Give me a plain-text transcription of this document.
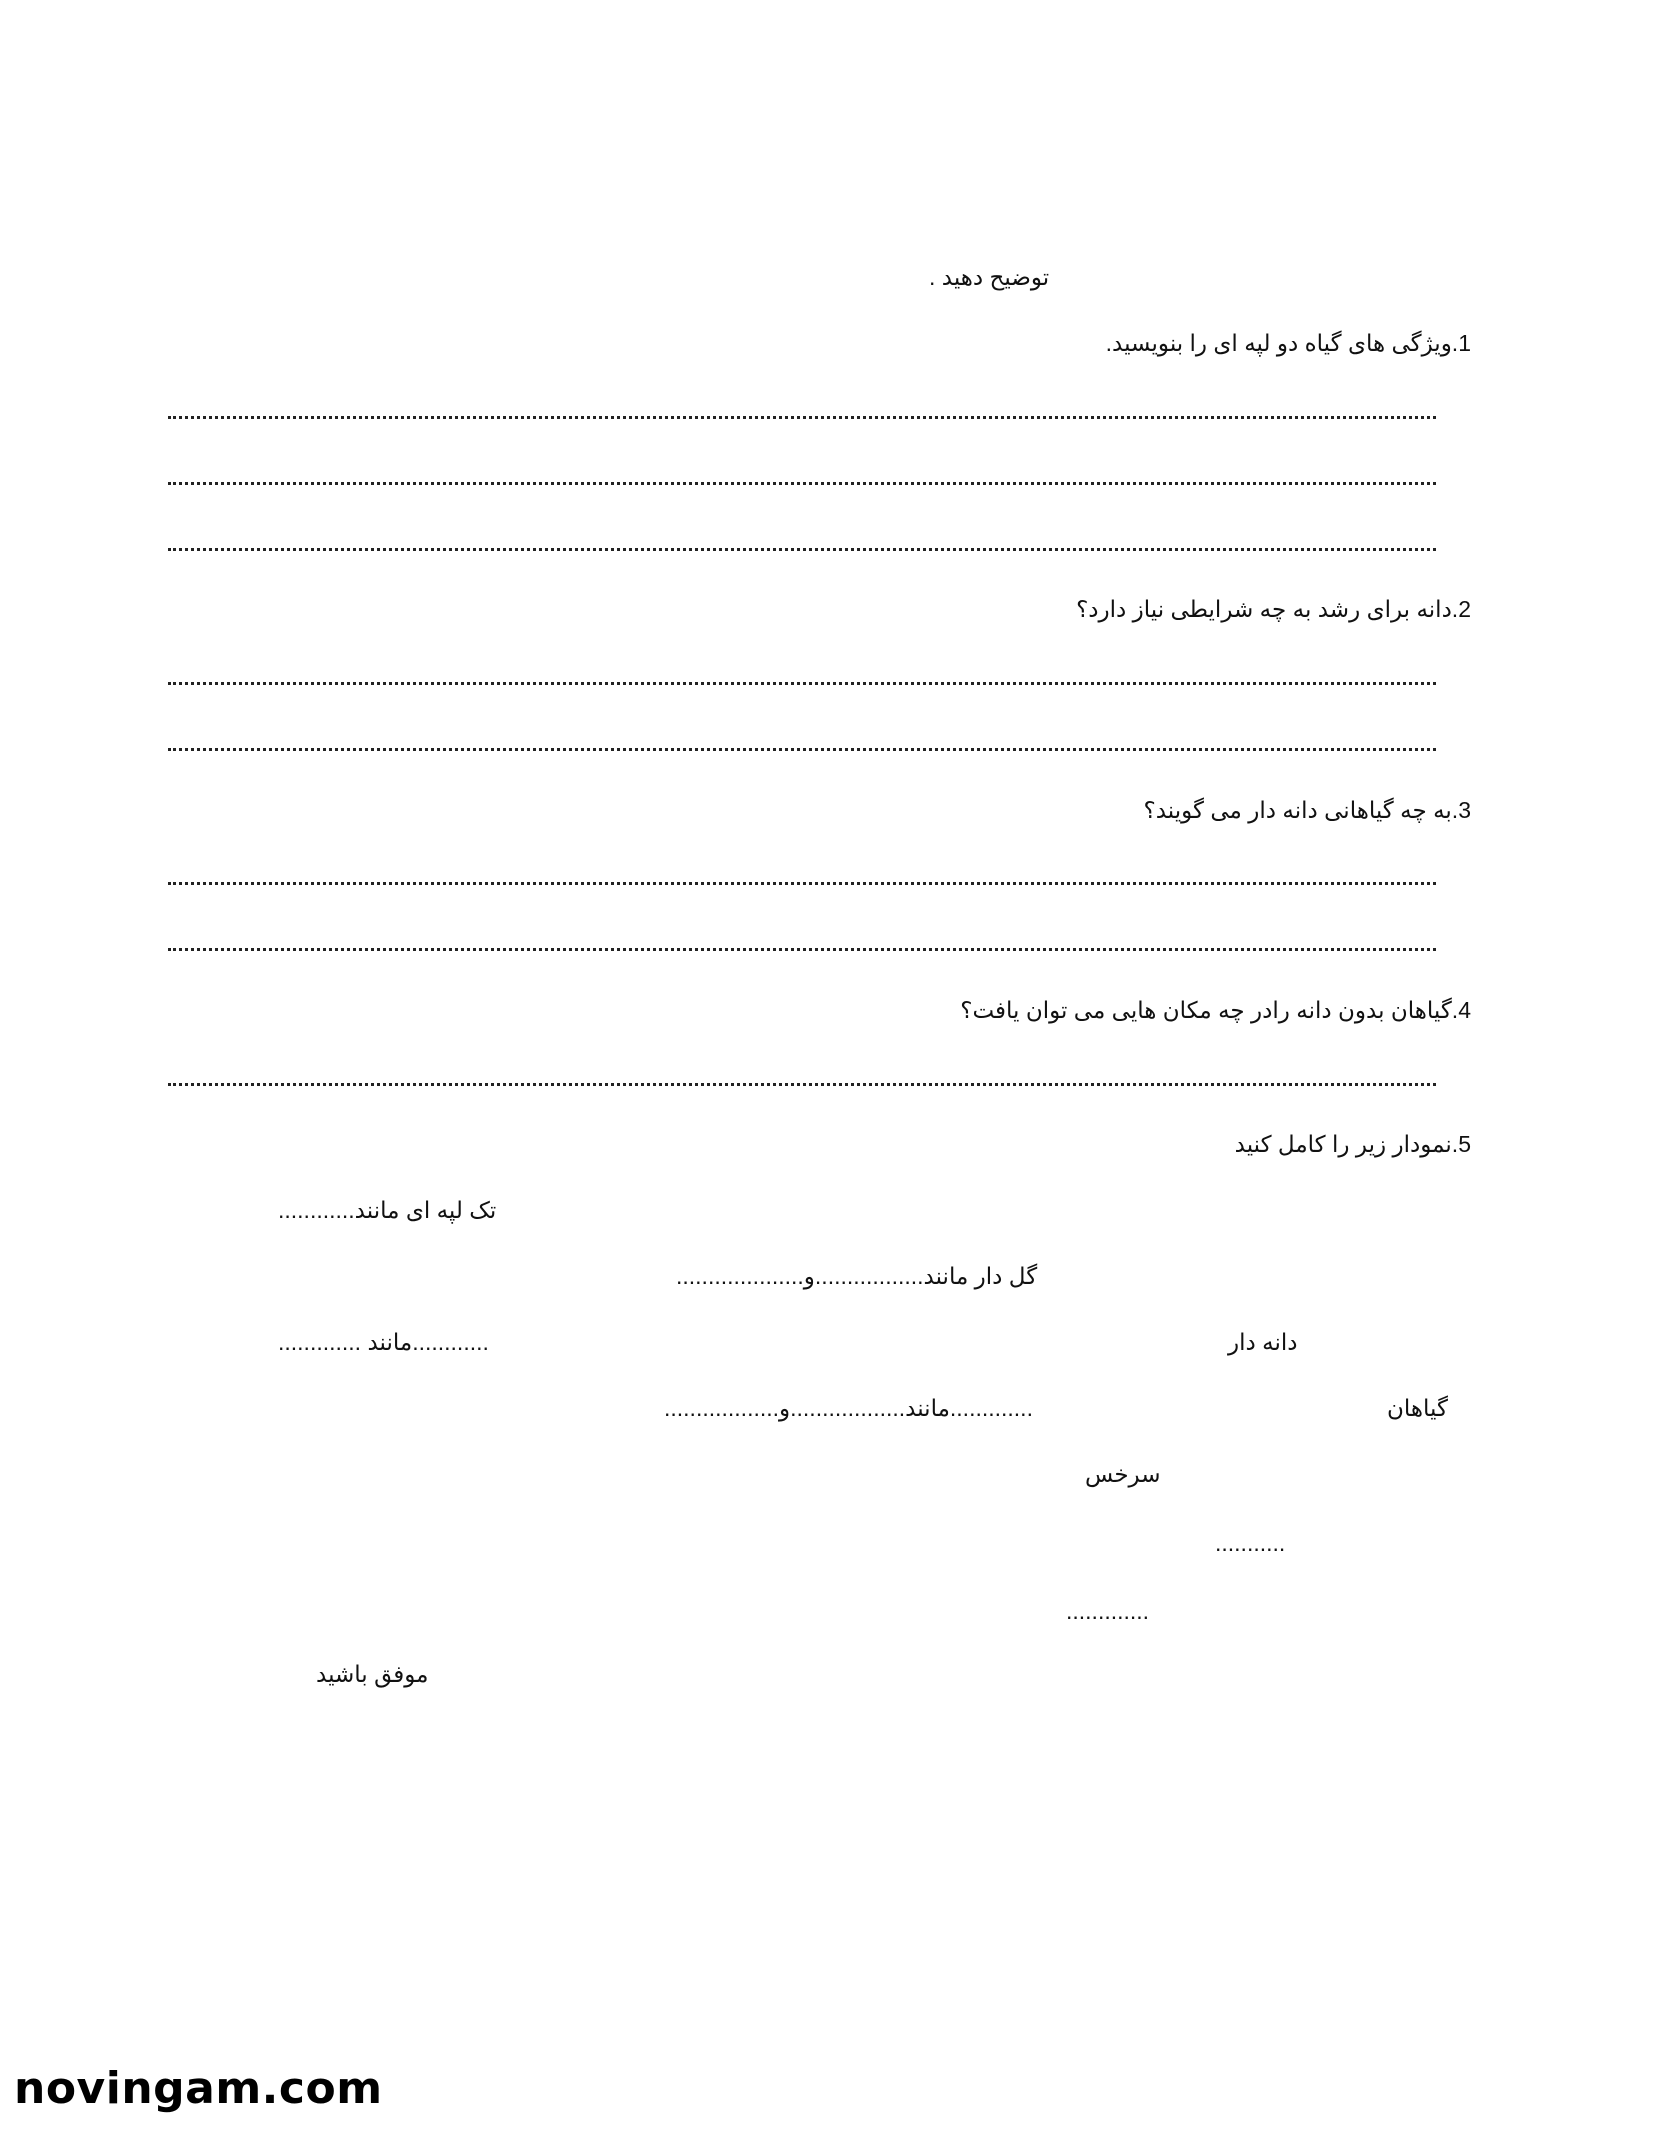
توضیح دهید .
1.ویژگی های گیاه دو لپه ای را بنویسید.
2.دانه برای رشد به چه شرایطی نیاز دارد؟
3.به چه گیاهانی دانه دار می گویند؟
4.گیاهان بدون دانه رادر چه مکان هایی می توان یافت؟
5.نمودار زیر را کامل کنید
تک لپه ای مانند............
گل دار مانند.................و....................
............مانند .............	دانه دار
گیاهان
.............مانند..................و..................
سرخس
...........
.............
موفق باشید
novingam.com
